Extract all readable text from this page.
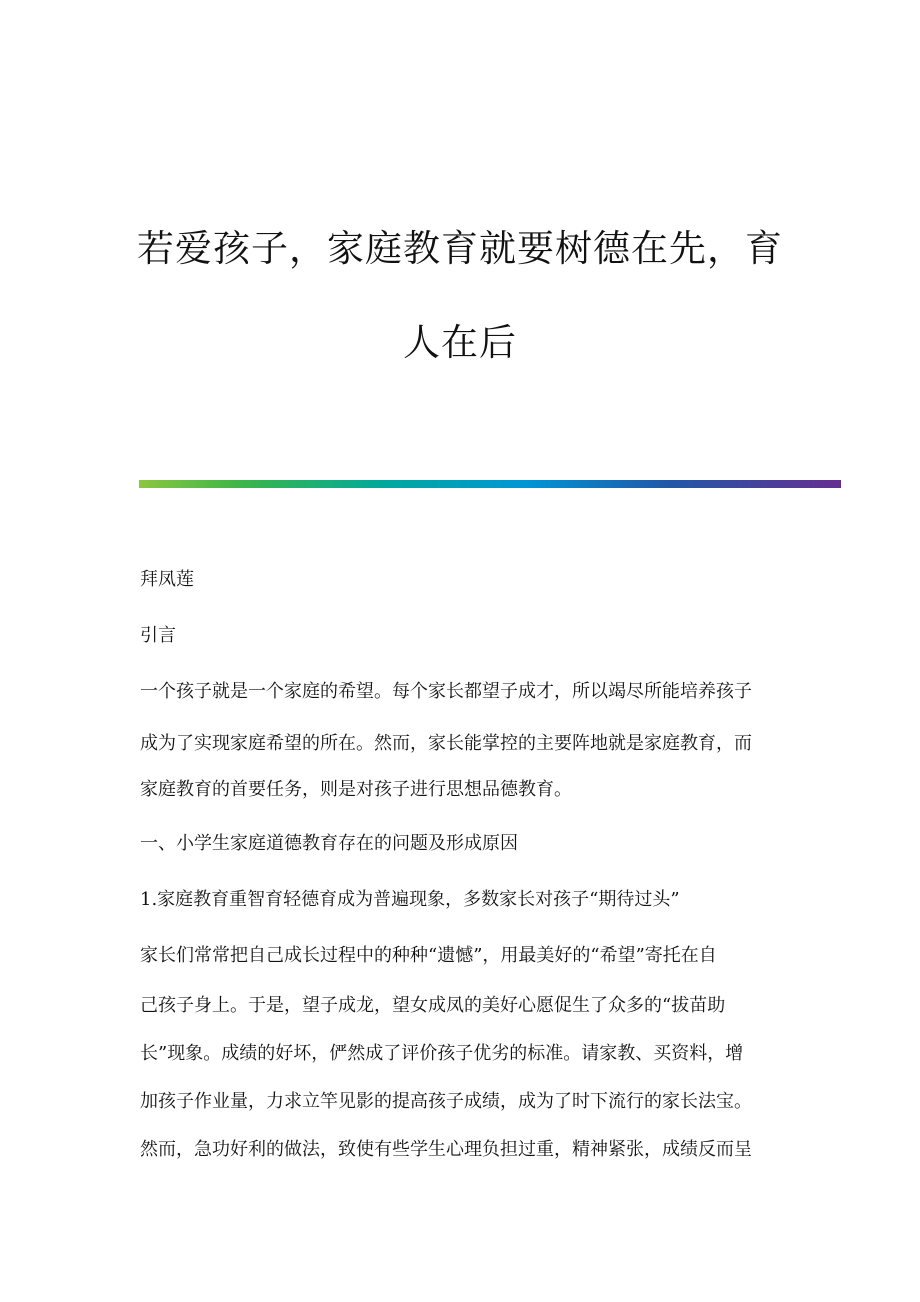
若爱孩子，家庭教育就要树德在先，育
人在后

拜凤莲

引言

一个孩子就是一个家庭的希望。每个家长都望子成才，所以竭尽所能培养孩子

成为了实现家庭希望的所在。然而，家长能掌控的主要阵地就是家庭教育，而

家庭教育的首要任务，则是对孩子进行思想品德教育。

一、小学生家庭道德教育存在的问题及形成原因

1.家庭教育重智育轻德育成为普遍现象，多数家长对孩子“期待过头”

家长们常常把自己成长过程中的种种“遗憾”，用最美好的“希望”寄托在自

己孩子身上。于是，望子成龙，望女成凤的美好心愿促生了众多的“拔苗助

长”现象。成绩的好坏，俨然成了评价孩子优劣的标准。请家教、买资料，增

加孩子作业量，力求立竿见影的提高孩子成绩，成为了时下流行的家长法宝。

然而，急功好利的做法，致使有些学生心理负担过重，精神紧张，成绩反而呈
